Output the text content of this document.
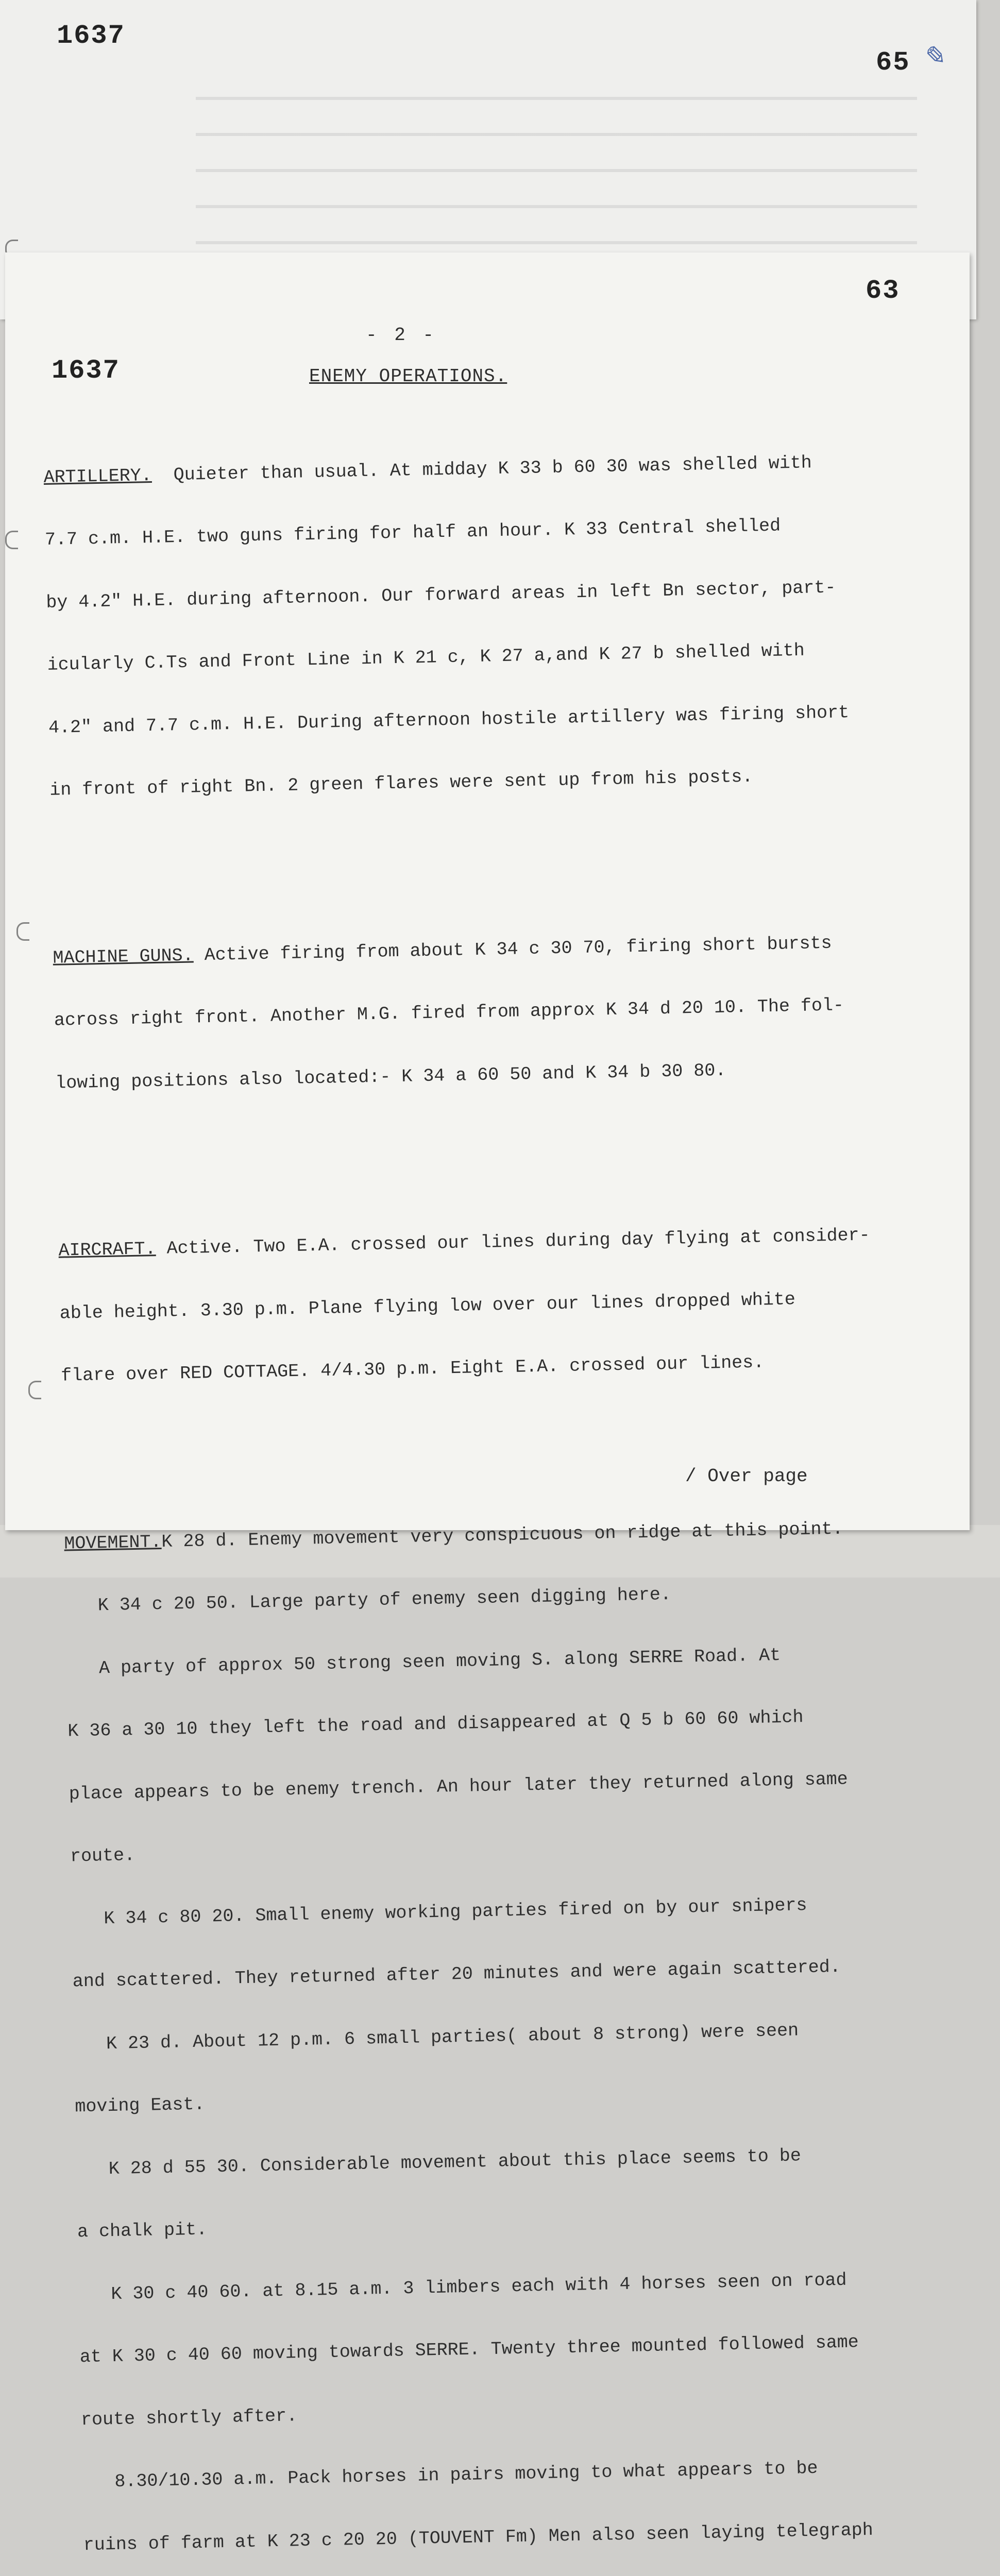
1637
65 ✎
63
1637
- 2 -
ENEMY OPERATIONS.

ARTILLERY. Quieter than usual. At midday K 33 b 60 30 was shelled with

7.7 c.m. H.E. two guns firing for half an hour. K 33 Central shelled

by 4.2" H.E. during afternoon. Our forward areas in left Bn sector, part-

icularly C.Ts and Front Line in K 21 c, K 27 a,and K 27 b shelled with

4.2" and 7.7 c.m. H.E. During afternoon hostile artillery was firing short

in front of right Bn. 2 green flares were sent up from his posts.

MACHINE GUNS. Active firing from about K 34 c 30 70, firing short bursts

across right front. Another M.G. fired from approx K 34 d 20 10. The fol-

lowing positions also located:- K 34 a 60 50 and K 34 b 30 80.

AIRCRAFT. Active. Two E.A. crossed our lines during day flying at consider-

able height. 3.30 p.m. Plane flying low over our lines dropped white

flare over RED COTTAGE. 4/4.30 p.m. Eight E.A. crossed our lines.

MOVEMENT.K 28 d. Enemy movement very conspicuous on ridge at this point.

K 34 c 20 50. Large party of enemy seen digging here.

A party of approx 50 strong seen moving S. along SERRE Road. At

K 36 a 30 10 they left the road and disappeared at Q 5 b 60 60 which

place appears to be enemy trench. An hour later they returned along same

route.

K 34 c 80 20. Small enemy working parties fired on by our snipers

and scattered. They returned after 20 minutes and were again scattered.

K 23 d. About 12 p.m. 6 small parties( about 8 strong) were seen

moving East.

K 28 d 55 30. Considerable movement about this place seems to be

a chalk pit.

K 30 c 40 60. at 8.15 a.m. 3 limbers each with 4 horses seen on road

at K 30 c 40 60 moving towards SERRE. Twenty three mounted followed same

route shortly after.

8.30/10.30 a.m. Pack horses in pairs moving to what appears to be

ruins of farm at K 23 c 20 20 (TOUVENT Fm) Men also seen laying telegraph

/ Over page
